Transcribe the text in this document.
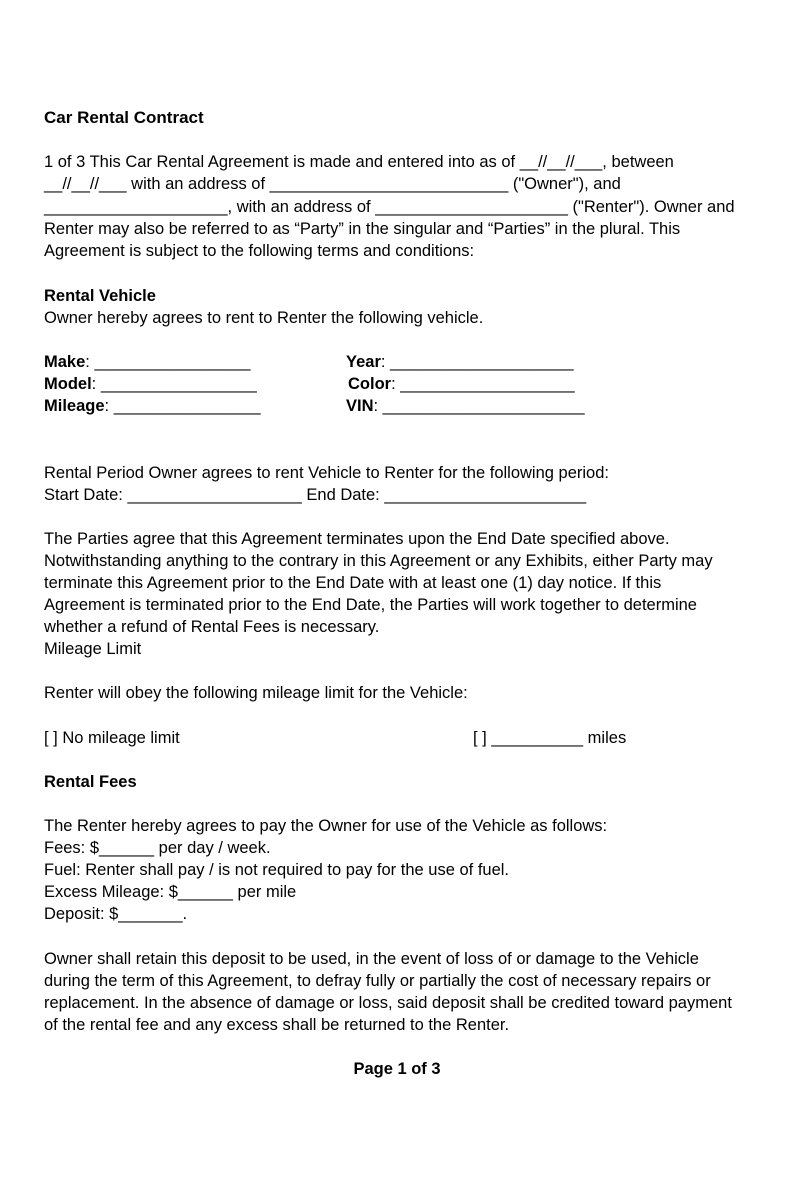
Car Rental Contract

1 of 3 This Car Rental Agreement is made and entered into as of __//__//___, between

__//__//___ with an address of __________________________ ("Owner"), and

____________________, with an address of _____________________ ("Renter"). Owner and

Renter may also be referred to as “Party” in the singular and “Parties” in the plural. This

Agreement is subject to the following terms and conditions:

Rental Vehicle

Owner hereby agrees to rent to Renter the following vehicle.

Make: _________________

Model: _________________

Mileage: ________________

Year: ____________________

Color: ___________________

VIN: ______________________

Rental Period Owner agrees to rent Vehicle to Renter for the following period:

Start Date: ___________________ End Date: ______________________

The Parties agree that this Agreement terminates upon the End Date specified above.

Notwithstanding anything to the contrary in this Agreement or any Exhibits, either Party may

terminate this Agreement prior to the End Date with at least one (1) day notice. If this

Agreement is terminated prior to the End Date, the Parties will work together to determine

whether a refund of Rental Fees is necessary.

Mileage Limit

Renter will obey the following mileage limit for the Vehicle:

[ ] No mileage limit	[ ] __________ miles

Rental Fees

The Renter hereby agrees to pay the Owner for use of the Vehicle as follows:

Fees: $______ per day / week.

Fuel: Renter shall pay / is not required to pay for the use of fuel.

Excess Mileage: $______ per mile

Deposit: $_______.

Owner shall retain this deposit to be used, in the event of loss of or damage to the Vehicle

during the term of this Agreement, to defray fully or partially the cost of necessary repairs or

replacement. In the absence of damage or loss, said deposit shall be credited toward payment

of the rental fee and any excess shall be returned to the Renter.

Page 1 of 3
